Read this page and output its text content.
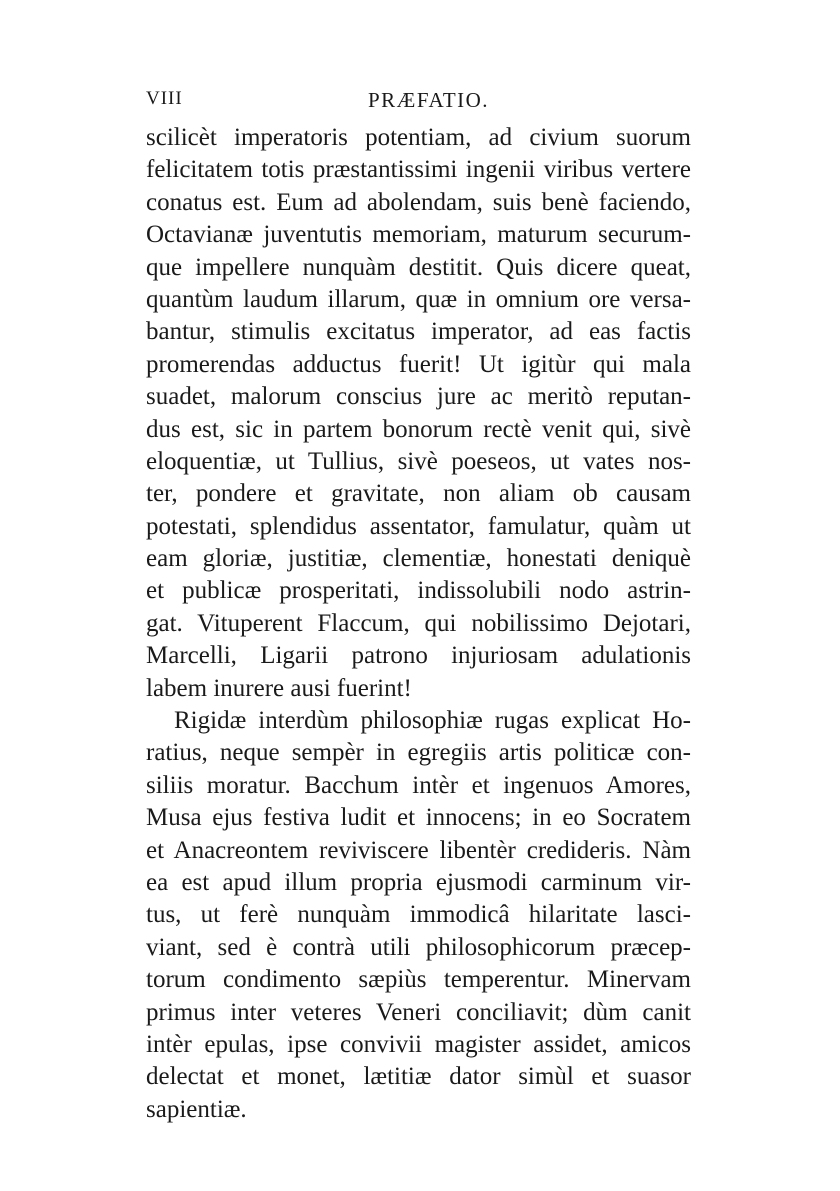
VIII	PRÆFATIO.
scilicèt imperatoris potentiam, ad civium suorum
felicitatem totis præstantissimi ingenii viribus vertere
conatus est. Eum ad abolendam, suis benè faciendo,
Octavianæ juventutis memoriam, maturum securum-
que impellere nunquàm destitit. Quis dicere queat,
quantùm laudum illarum, quæ in omnium ore versa-
bantur, stimulis excitatus imperator, ad eas factis
promerendas adductus fuerit! Ut igitùr qui mala
suadet, malorum conscius jure ac meritò reputan-
dus est, sic in partem bonorum rectè venit qui, sivè
eloquentiæ, ut Tullius, sivè poeseos, ut vates nos-
ter, pondere et gravitate, non aliam ob causam
potestati, splendidus assentator, famulatur, quàm ut
eam gloriæ, justitiæ, clementiæ, honestati deniquè
et publicæ prosperitati, indissolubili nodo astrin-
gat. Vituperent Flaccum, qui nobilissimo Dejotari,
Marcelli, Ligarii patrono injuriosam adulationis
labem inurere ausi fuerint!
Rigidæ interdùm philosophiæ rugas explicat Ho-
ratius, neque sempèr in egregiis artis politicæ con-
siliis moratur. Bacchum intèr et ingenuos Amores,
Musa ejus festiva ludit et innocens; in eo Socratem
et Anacreontem reviviscere libentèr credideris. Nàm
ea est apud illum propria ejusmodi carminum vir-
tus, ut ferè nunquàm immodicâ hilaritate lasci-
viant, sed è contrà utili philosophicorum præcep-
torum condimento sæpiùs temperentur. Minervam
primus inter veteres Veneri conciliavit; dùm canit
intèr epulas, ipse convivii magister assidet, amicos
delectat et monet, lætitiæ dator simùl et suasor
sapientiæ.
